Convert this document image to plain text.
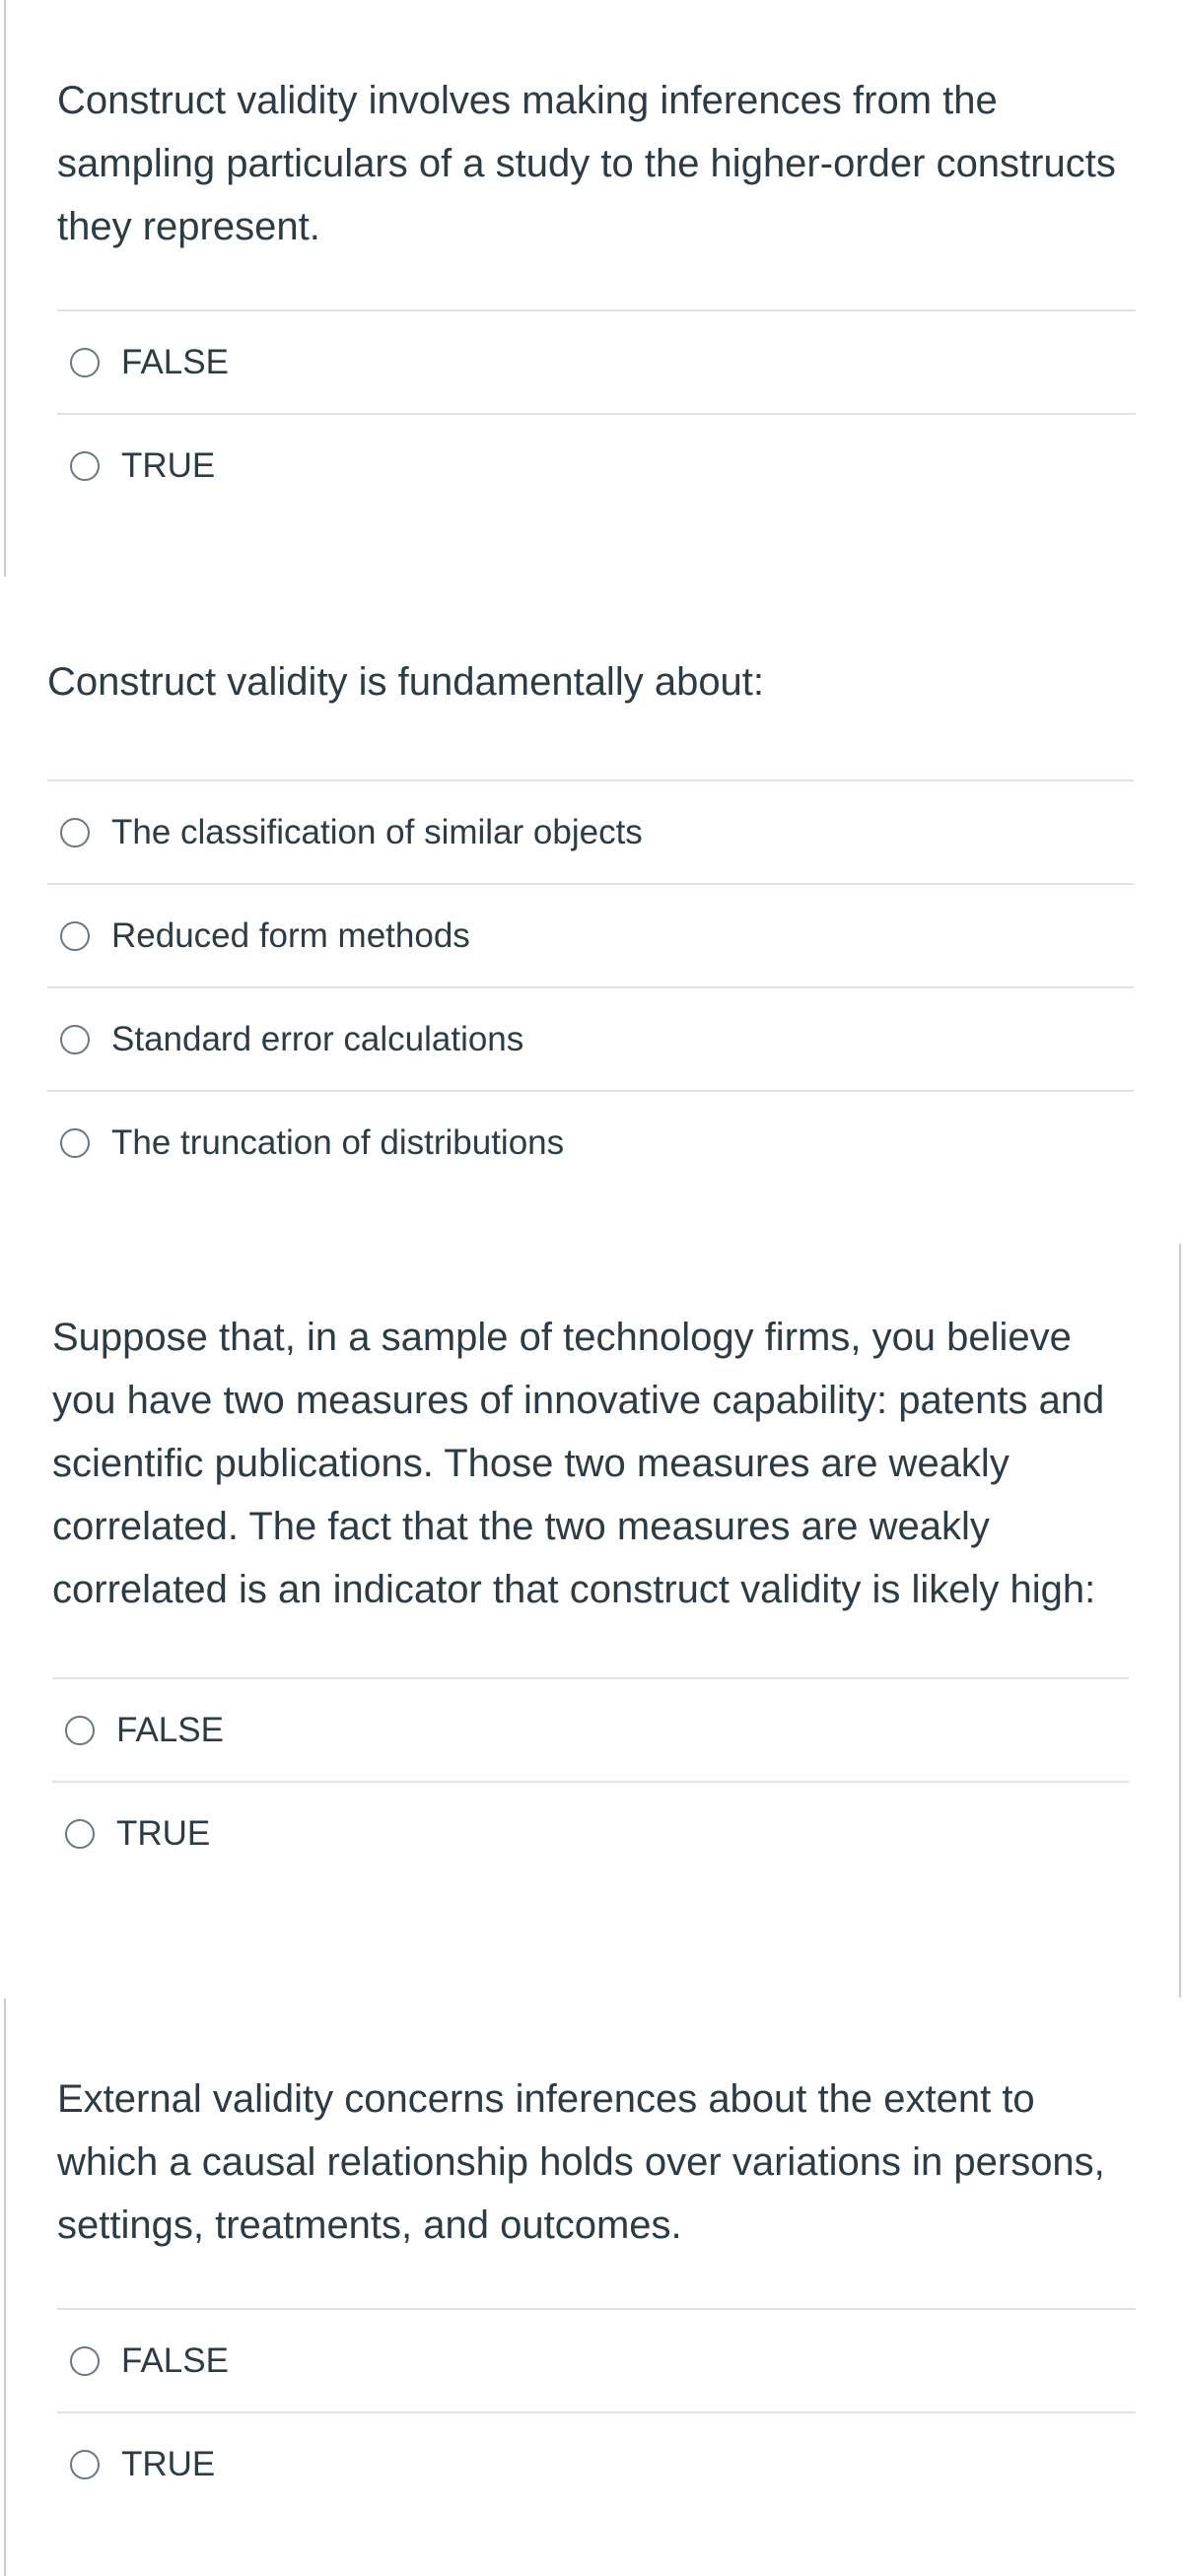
Construct validity involves making inferences from the sampling particulars of a study to the higher-order constructs they represent.
FALSE
TRUE
Construct validity is fundamentally about:
The classification of similar objects
Reduced form methods
Standard error calculations
The truncation of distributions
Suppose that, in a sample of technology firms, you believe you have two measures of innovative capability: patents and scientific publications. Those two measures are weakly correlated. The fact that the two measures are weakly correlated is an indicator that construct validity is likely high:
FALSE
TRUE
External validity concerns inferences about the extent to which a causal relationship holds over variations in persons, settings, treatments, and outcomes.
FALSE
TRUE
